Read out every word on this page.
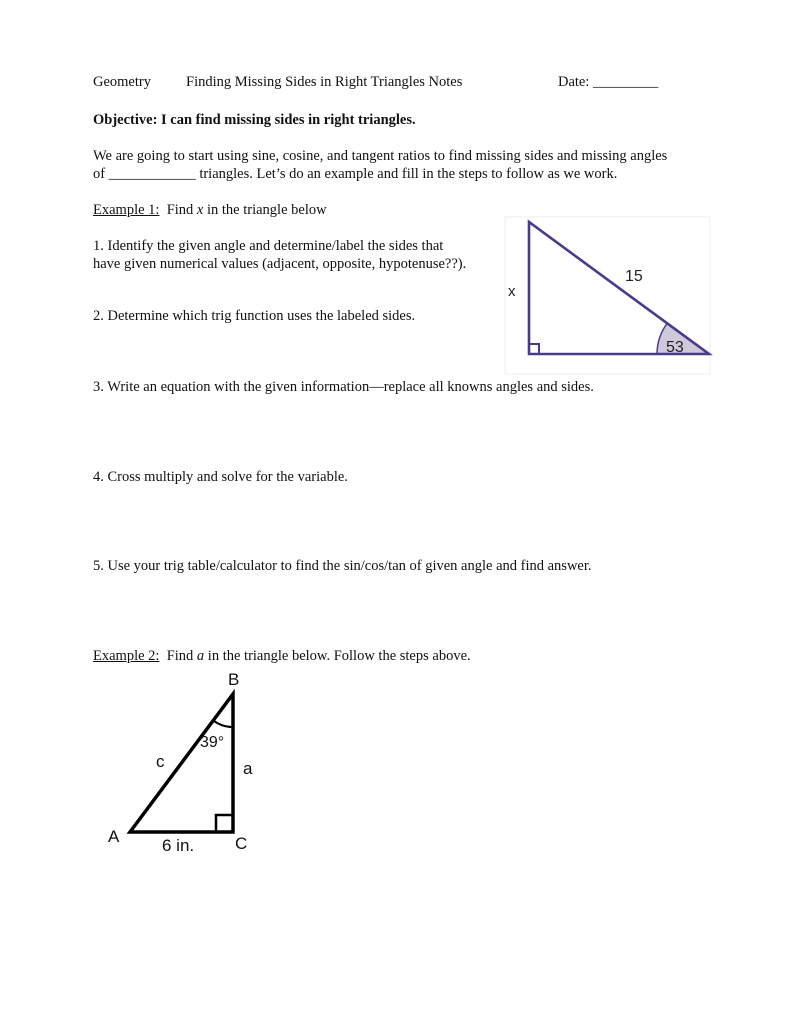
Geometry Finding Missing Sides in Right Triangles Notes	Date: _________
Objective: I can find missing sides in right triangles.
We are going to start using sine, cosine, and tangent ratios to find missing sides and missing angles
of ____________ triangles. Let’s do an example and fill in the steps to follow as we work.
Example 1:  Find x in the triangle below
1. Identify the given angle and determine/label the sides that
have given numerical values (adjacent, opposite, hypotenuse??).
2. Determine which trig function uses the labeled sides.
3. Write an equation with the given information—replace all knowns angles and sides.
4. Cross multiply and solve for the variable.
5. Use your trig table/calculator to find the sin/cos/tan of given angle and find answer.
x
15
53
Example 2:  Find a in the triangle below. Follow the steps above.
B
A	C
39°
c	a
6 in.
